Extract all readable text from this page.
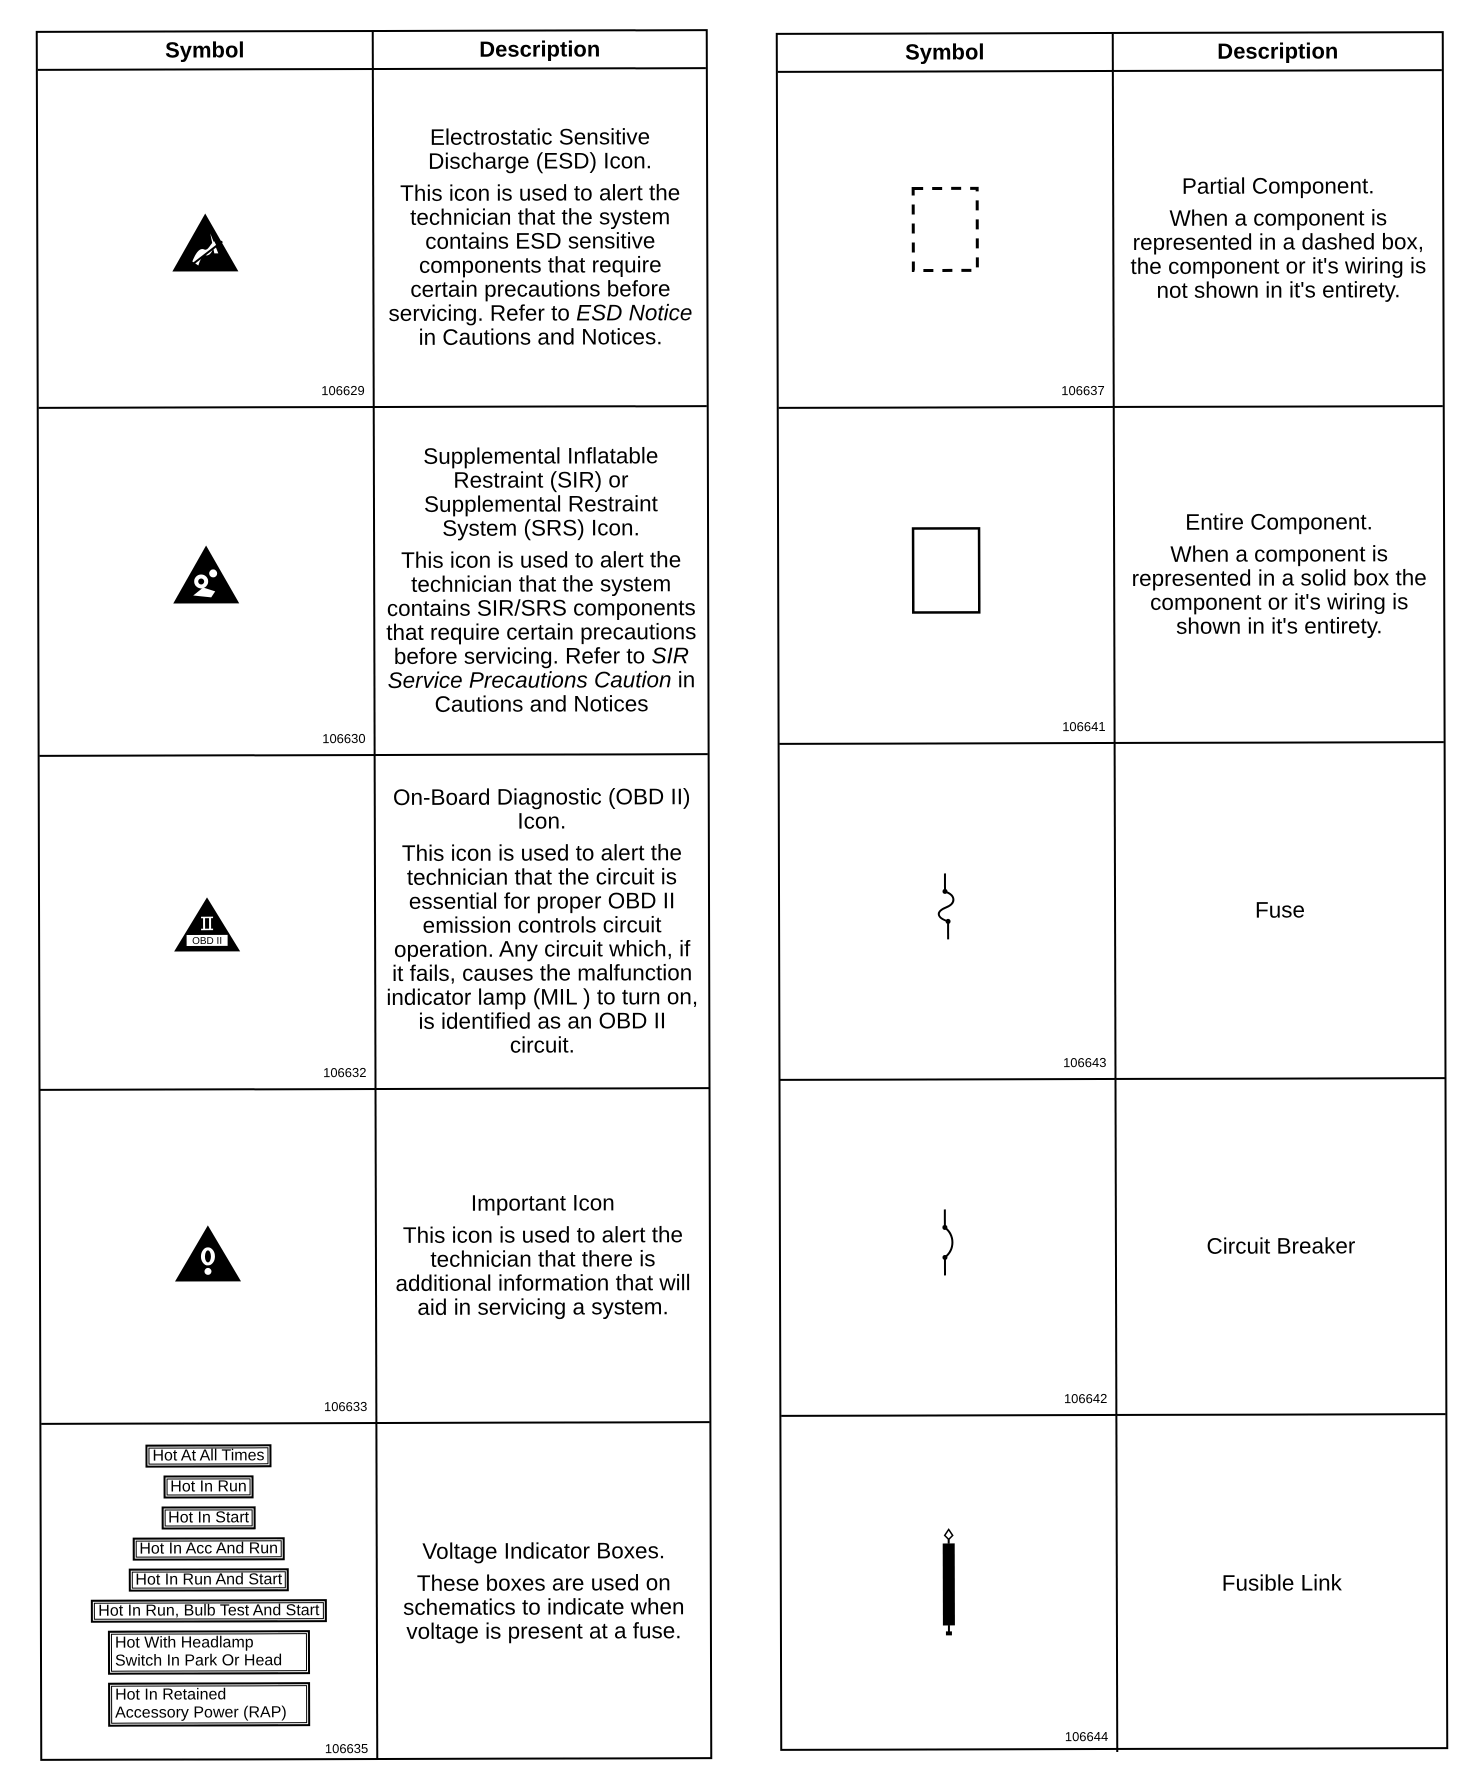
Symbol	Description
106629
Electrostatic Sensitive Discharge (ESD) Icon.
This icon is used to alert the technician that the system contains ESD sensitive components that require certain precautions before servicing. Refer to ESD Notice in Cautions and Notices.
106630
Supplemental Inflatable Restraint (SIR) or Supplemental Restraint System (SRS) Icon.
This icon is used to alert the technician that the system contains SIR/SRS components that require certain precautions before servicing. Refer to SIR Service Precautions Caution in Cautions and Notices
OBD II
106632
On-Board Diagnostic (OBD II) Icon.
This icon is used to alert the technician that the circuit is essential for proper OBD II emission controls circuit operation. Any circuit which, if it fails, causes the malfunction indicator lamp (MIL ) to turn on, is identified as an OBD II circuit.
106633
Important Icon
This icon is used to alert the technician that there is additional information that will aid in servicing a system.
Hot At All Times
Hot In Run
Hot In Start
Hot In Acc And Run
Hot In Run And Start
Hot In Run, Bulb Test And Start
Hot With Headlamp Switch In Park Or Head
Hot In Retained Accessory Power (RAP)
106635
Voltage Indicator Boxes.
These boxes are used on schematics to indicate when voltage is present at a fuse.
Symbol	Description
106637
Partial Component.
When a component is represented in a dashed box, the component or it's wiring is not shown in it's entirety.
106641
Entire Component.
When a component is represented in a solid box the component or it's wiring is shown in it's entirety.
106643
Fuse
106642
Circuit Breaker
106644
Fusible Link
